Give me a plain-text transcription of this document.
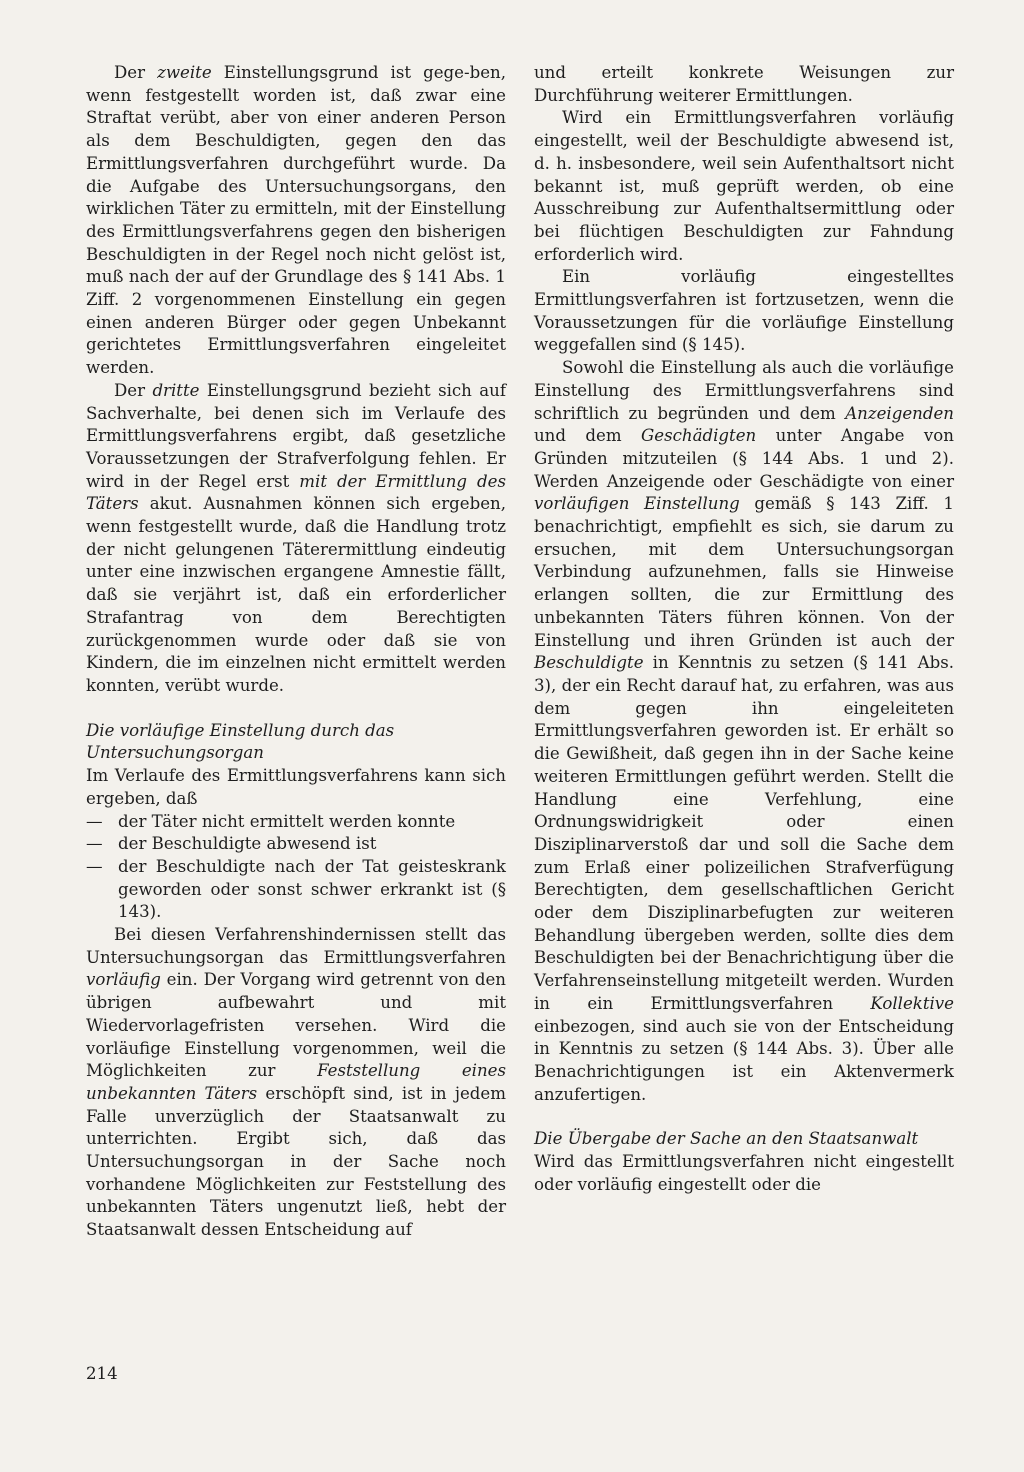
Der zweite Einstellungsgrund ist gege-ben, wenn festgestellt worden ist, daß zwar eine Straftat verübt, aber von einer anderen Person als dem Beschuldigten, gegen den das Ermittlungsverfahren durchgeführt wurde. Da die Aufgabe des Untersuchungsorgans, den wirklichen Täter zu ermitteln, mit der Einstellung des Ermittlungsverfahrens gegen den bisherigen Beschuldigten in der Regel noch nicht gelöst ist, muß nach der auf der Grundlage des § 141 Abs. 1 Ziff. 2 vorgenommenen Einstellung ein gegen einen anderen Bürger oder gegen Unbekannt gerichtetes Ermittlungsverfahren eingeleitet werden.

Der dritte Einstellungsgrund bezieht sich auf Sachverhalte, bei denen sich im Verlaufe des Ermittlungsverfahrens ergibt, daß gesetzliche Voraussetzungen der Strafverfolgung fehlen. Er wird in der Regel erst mit der Ermittlung des Täters akut. Ausnahmen können sich ergeben, wenn festgestellt wurde, daß die Handlung trotz der nicht gelungenen Täterermittlung eindeutig unter eine inzwischen ergangene Amnestie fällt, daß sie verjährt ist, daß ein erforderlicher Strafantrag von dem Berechtigten zurückgenommen wurde oder daß sie von Kindern, die im einzelnen nicht ermittelt werden konnten, verübt wurde.

Die vorläufige Einstellung durch das Untersuchungsorgan

Im Verlaufe des Ermittlungsverfahrens kann sich ergeben, daß

— der Täter nicht ermittelt werden konnte
— der Beschuldigte abwesend ist
— der Beschuldigte nach der Tat geisteskrank geworden oder sonst schwer erkrankt ist (§ 143).

Bei diesen Verfahrenshindernissen stellt das Untersuchungsorgan das Ermittlungsverfahren vorläufig ein. Der Vorgang wird getrennt von den übrigen aufbewahrt und mit Wiedervorlagefristen versehen. Wird die vorläufige Einstellung vorgenommen, weil die Möglichkeiten zur Feststellung eines unbekannten Täters erschöpft sind, ist in jedem Falle unverzüglich der Staatsanwalt zu unterrichten. Ergibt sich, daß das Untersuchungsorgan in der Sache noch vorhandene Möglichkeiten zur Feststellung des unbekannten Täters ungenutzt ließ, hebt der Staatsanwalt dessen Entscheidung auf

und erteilt konkrete Weisungen zur Durchführung weiterer Ermittlungen.

Wird ein Ermittlungsverfahren vorläufig eingestellt, weil der Beschuldigte abwesend ist, d. h. insbesondere, weil sein Aufenthaltsort nicht bekannt ist, muß geprüft werden, ob eine Ausschreibung zur Aufenthaltsermittlung oder bei flüchtigen Beschuldigten zur Fahndung erforderlich wird.

Ein vorläufig eingestelltes Ermittlungsverfahren ist fortzusetzen, wenn die Voraussetzungen für die vorläufige Einstellung weggefallen sind (§ 145).

Sowohl die Einstellung als auch die vorläufige Einstellung des Ermittlungsverfahrens sind schriftlich zu begründen und dem Anzeigenden und dem Geschädigten unter Angabe von Gründen mitzuteilen (§ 144 Abs. 1 und 2). Werden Anzeigende oder Geschädigte von einer vorläufigen Einstellung gemäß § 143 Ziff. 1 benachrichtigt, empfiehlt es sich, sie darum zu ersuchen, mit dem Untersuchungsorgan Verbindung aufzunehmen, falls sie Hinweise erlangen sollten, die zur Ermittlung des unbekannten Täters führen können. Von der Einstellung und ihren Gründen ist auch der Beschuldigte in Kenntnis zu setzen (§ 141 Abs. 3), der ein Recht darauf hat, zu erfahren, was aus dem gegen ihn eingeleiteten Ermittlungsverfahren geworden ist. Er erhält so die Gewißheit, daß gegen ihn in der Sache keine weiteren Ermittlungen geführt werden. Stellt die Handlung eine Verfehlung, eine Ordnungswidrigkeit oder einen Disziplinarverstoß dar und soll die Sache dem zum Erlaß einer polizeilichen Strafverfügung Berechtigten, dem gesellschaftlichen Gericht oder dem Disziplinarbefugten zur weiteren Behandlung übergeben werden, sollte dies dem Beschuldigten bei der Benachrichtigung über die Verfahrenseinstellung mitgeteilt werden. Wurden in ein Ermittlungsverfahren Kollektive einbezogen, sind auch sie von der Entscheidung in Kenntnis zu setzen (§ 144 Abs. 3). Über alle Benachrichtigungen ist ein Aktenvermerk anzufertigen.

Die Übergabe der Sache an den Staatsanwalt

Wird das Ermittlungsverfahren nicht eingestellt oder vorläufig eingestellt oder die

214
